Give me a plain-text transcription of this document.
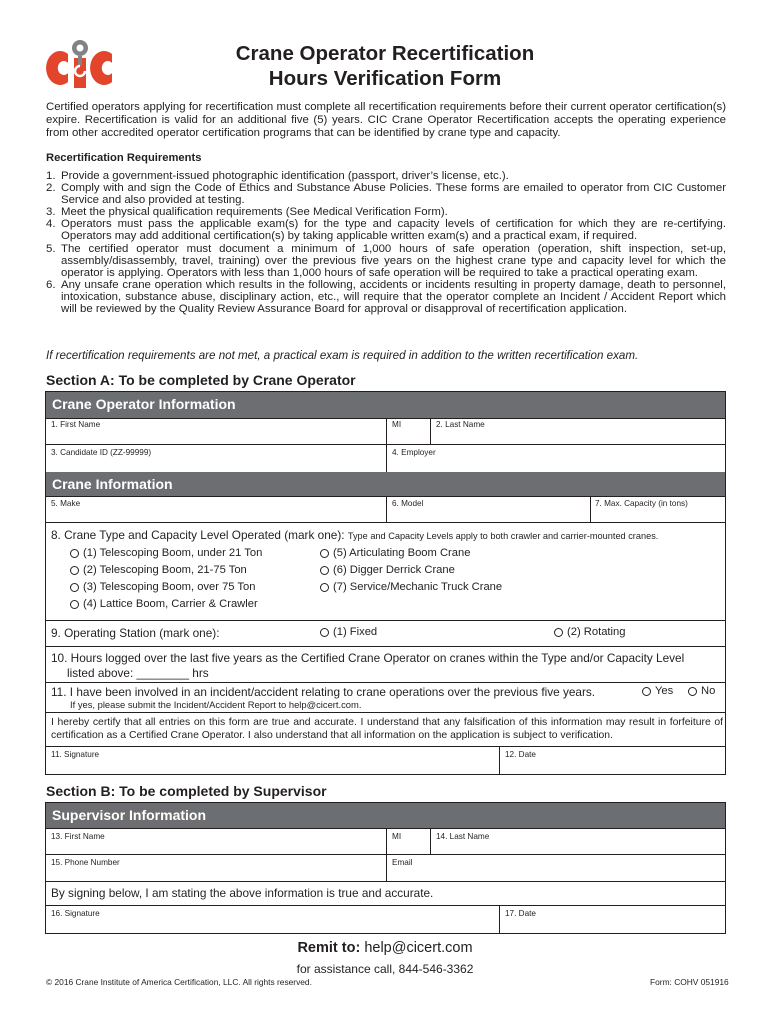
Crane Operator Recertification
Hours Verification Form
Certified operators applying for recertification must complete all recertification requirements before their current operator certification(s) expire. Recertification is valid for an additional five (5) years. CIC Crane Operator Recertification accepts the operating experience from other accredited operator certification programs that can be identified by crane type and capacity.
Recertification Requirements
1. Provide a government-issued photographic identification (passport, driver’s license, etc.).
2. Comply with and sign the Code of Ethics and Substance Abuse Policies. These forms are emailed to operator from CIC Customer Service and also provided at testing.
3. Meet the physical qualification requirements (See Medical Verification Form).
4. Operators must pass the applicable exam(s) for the type and capacity levels of certification for which they are re-certifying. Operators may add additional certification(s) by taking applicable written exam(s) and a practical exam, if required.
5. The certified operator must document a minimum of 1,000 hours of safe operation (operation, shift inspection, set-up, assembly/disassembly, travel, training) over the previous five years on the highest crane type and capacity level for which the operator is applying. Operators with less than 1,000 hours of safe operation will be required to take a practical operating exam.
6. Any unsafe crane operation which results in the following, accidents or incidents resulting in property damage, death to personnel, intoxication, substance abuse, disciplinary action, etc., will require that the operator complete an Incident / Accident Report which will be reviewed by the Quality Review Assurance Board for approval or disapproval of recertification application.
If recertification requirements are not met, a practical exam is required in addition to the written recertification exam.
Section A: To be completed by Crane Operator
Crane Operator Information
1. First Name	MI	2. Last Name
3. Candidate ID (ZZ-99999)	4. Employer
Crane Information
5. Make	6. Model	7. Max. Capacity (in tons)
8. Crane Type and Capacity Level Operated (mark one): Type and Capacity Levels apply to both crawler and carrier-mounted cranes.
(1) Telescoping Boom, under 21 Ton
(2) Telescoping Boom, 21-75 Ton
(3) Telescoping Boom, over 75 Ton
(4) Lattice Boom, Carrier & Crawler
(5) Articulating Boom Crane
(6) Digger Derrick Crane
(7) Service/Mechanic Truck Crane
9. Operating Station (mark one):	(1) Fixed	(2) Rotating
10. Hours logged over the last five years as the Certified Crane Operator on cranes within the Type and/or Capacity Level
listed above: ________ hrs
11. I have been involved in an incident/accident relating to crane operations over the previous five years.	Yes	No
If yes, please submit the Incident/Accident Report to help@cicert.com.
I hereby certify that all entries on this form are true and accurate. I understand that any falsification of this information may result in forfeiture of certification as a Certified Crane Operator. I also understand that all information on the application is subject to verification.
11. Signature	12. Date
Section B: To be completed by Supervisor
Supervisor Information
13. First Name	MI	14. Last Name
15. Phone Number	Email
By signing below, I am stating the above information is true and accurate.
16. Signature	17. Date
Remit to: help@cicert.com
for assistance call, 844-546-3362
© 2016 Crane Institute of America Certification, LLC. All rights reserved.	Form: COHV 051916
